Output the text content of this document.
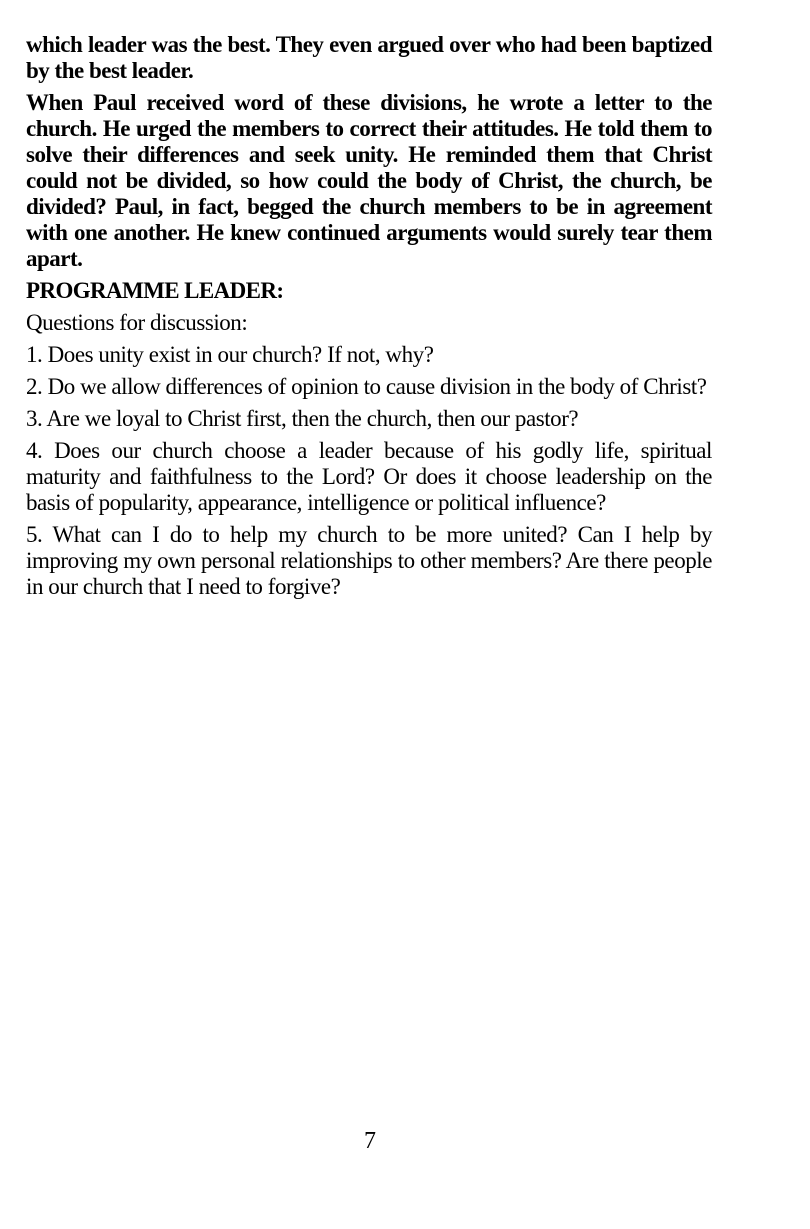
which leader was the best. They even argued over who had been baptized by the best leader.

When Paul received word of these divisions, he wrote a letter to the church. He urged the members to correct their attitudes. He told them to solve their differences and seek unity. He reminded them that Christ could not be divided, so how could the body of Christ, the church, be divided? Paul, in fact, begged the church members to be in agreement with one another. He knew continued arguments would surely tear them apart.

PROGRAMME LEADER:

Questions for discussion:

1. Does unity exist in our church? If not, why?

2. Do we allow differences of opinion to cause division in the body of Christ?

3. Are we loyal to Christ first, then the church, then our pastor?

4. Does our church choose a leader because of his godly life, spiritual maturity and faithfulness to the Lord? Or does it choose leadership on the basis of popularity, appearance, intelligence or political influence?

5. What can I do to help my church to be more united? Can I help by improving my own personal relationships to other members? Are there people in our church that I need to forgive?

7
